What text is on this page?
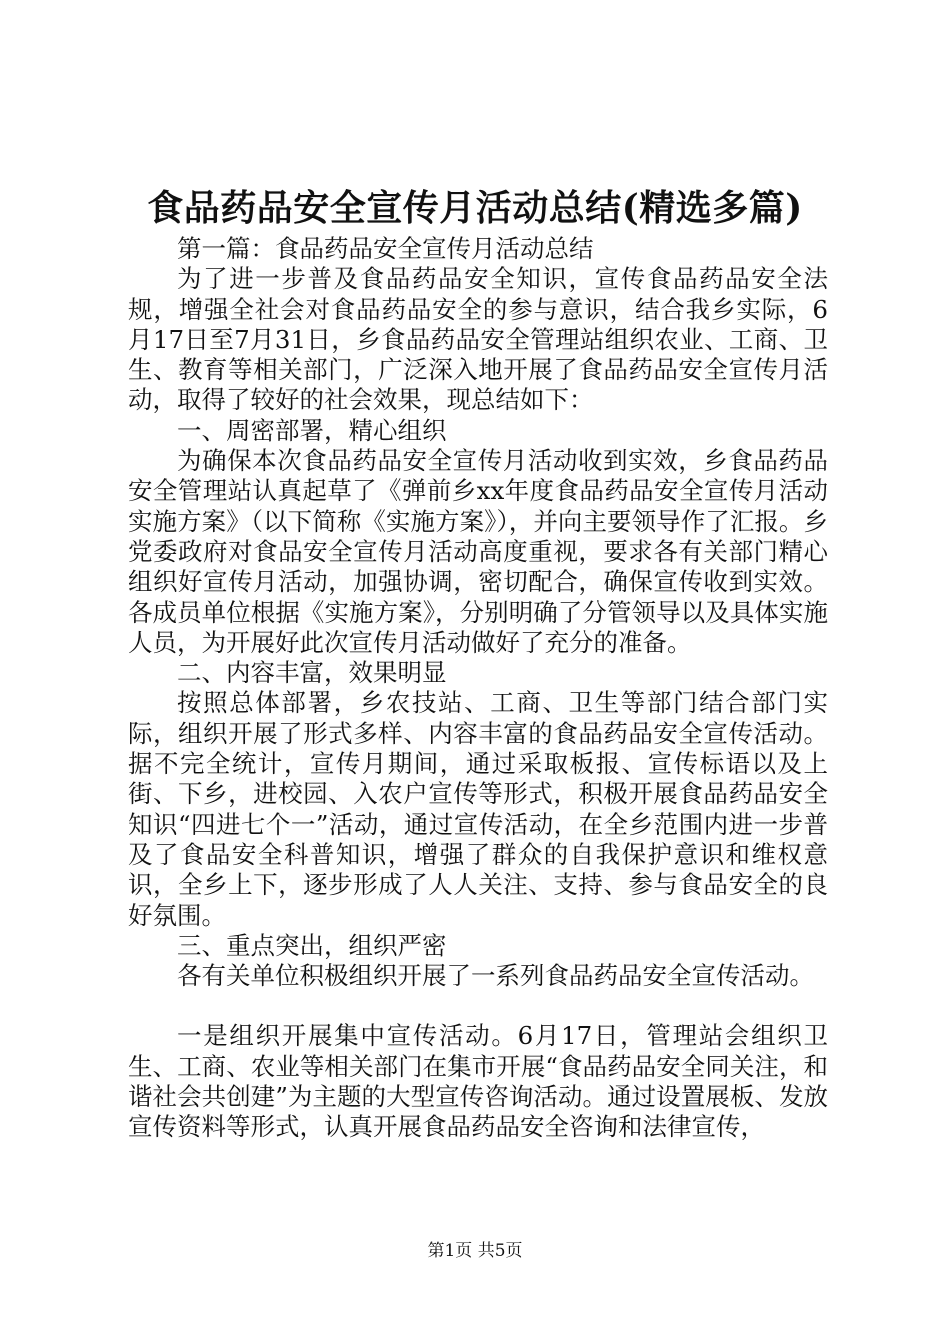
食品药品安全宣传月活动总结(精选多篇)

第一篇：食品药品安全宣传月活动总结

为了进一步普及食品药品安全知识，宣传食品药品安全法规，增强全社会对食品药品安全的参与意识，结合我乡实际，6月17日至7月31日，乡食品药品安全管理站组织农业、工商、卫生、教育等相关部门，广泛深入地开展了食品药品安全宣传月活动，取得了较好的社会效果，现总结如下：

一、周密部署，精心组织

为确保本次食品药品安全宣传月活动收到实效，乡食品药品安全管理站认真起草了《弹前乡xx年度食品药品安全宣传月活动实施方案》（以下简称《实施方案》），并向主要领导作了汇报。乡党委政府对食品安全宣传月活动高度重视，要求各有关部门精心组织好宣传月活动，加强协调，密切配合，确保宣传收到实效。各成员单位根据《实施方案》，分别明确了分管领导以及具体实施人员，为开展好此次宣传月活动做好了充分的准备。

二、内容丰富，效果明显

按照总体部署，乡农技站、工商、卫生等部门结合部门实际，组织开展了形式多样、内容丰富的食品药品安全宣传活动。据不完全统计，宣传月期间，通过采取板报、宣传标语以及上街、下乡，进校园、入农户宣传等形式，积极开展食品药品安全知识“四进七个一”活动，通过宣传活动，在全乡范围内进一步普及了食品安全科普知识，增强了群众的自我保护意识和维权意识，全乡上下，逐步形成了人人关注、支持、参与食品安全的良好氛围。

三、重点突出，组织严密

各有关单位积极组织开展了一系列食品药品安全宣传活动。

一是组织开展集中宣传活动。6月17日，管理站会组织卫生、工商、农业等相关部门在集市开展“食品药品安全同关注，和谐社会共创建”为主题的大型宣传咨询活动。通过设置展板、发放宣传资料等形式，认真开展食品药品安全咨询和法律宣传，

第1页 共5页
